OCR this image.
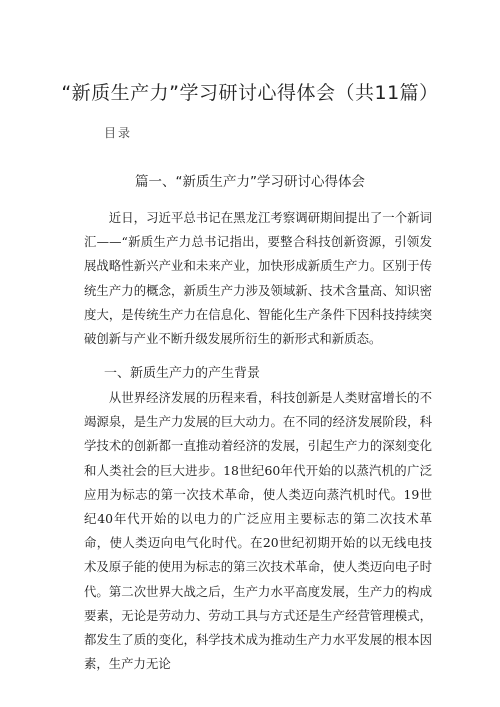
“新质生产力”学习研讨心得体会（共11篇）
目录
篇一、“新质生产力”学习研讨心得体会

近日，习近平总书记在黑龙江考察调研期间提出了一个新词汇——“新质生产力总书记指出，要整合科技创新资源，引领发展战略性新兴产业和未来产业，加快形成新质生产力。区别于传统生产力的概念，新质生产力涉及领域新、技术含量高、知识密度大，是传统生产力在信息化、智能化生产条件下因科技持续突破创新与产业不断升级发展所衍生的新形式和新质态。

一、新质生产力的产生背景

从世界经济发展的历程来看，科技创新是人类财富增长的不竭源泉，是生产力发展的巨大动力。在不同的经济发展阶段，科学技术的创新都一直推动着经济的发展，引起生产力的深刻变化和人类社会的巨大进步。18世纪60年代开始的以蒸汽机的广泛应用为标志的第一次技术革命，使人类迈向蒸汽机时代。19世纪40年代开始的以电力的广泛应用主要标志的第二次技术革命，使人类迈向电气化时代。在20世纪初期开始的以无线电技术及原子能的使用为标志的第三次技术革命，使人类迈向电子时代。第二次世界大战之后，生产力水平高度发展，生产力的构成要素，无论是劳动力、劳动工具与方式还是生产经营管理模式，都发生了质的变化，科学技术成为推动生产力水平发展的根本因素，生产力无论
